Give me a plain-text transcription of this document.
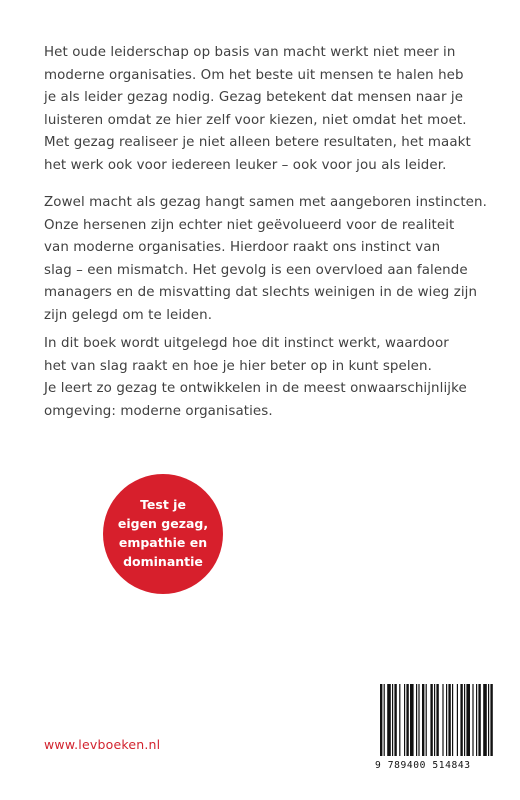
Het oude leiderschap op basis van macht werkt niet meer in
moderne organisaties. Om het beste uit mensen te halen heb
je als leider gezag nodig. Gezag betekent dat mensen naar je
luisteren omdat ze hier zelf voor kiezen, niet omdat het moet.
Met gezag realiseer je niet alleen betere resultaten, het maakt
het werk ook voor iedereen leuker – ook voor jou als leider.

Zowel macht als gezag hangt samen met aangeboren instincten.
Onze hersenen zijn echter niet geëvolueerd voor de realiteit
van moderne organisaties. Hierdoor raakt ons instinct van
slag – een mismatch. Het gevolg is een overvloed aan falende
managers en de misvatting dat slechts weinigen in de wieg zijn
zijn gelegd om te leiden.

In dit boek wordt uitgelegd hoe dit instinct werkt, waardoor
het van slag raakt en hoe je hier beter op in kunt spelen.
Je leert zo gezag te ontwikkelen in de meest onwaarschijnlijke
omgeving: moderne organisaties.

Test je
eigen gezag,
empathie en
dominantie
www.levboeken.nl
9 789400 514843
